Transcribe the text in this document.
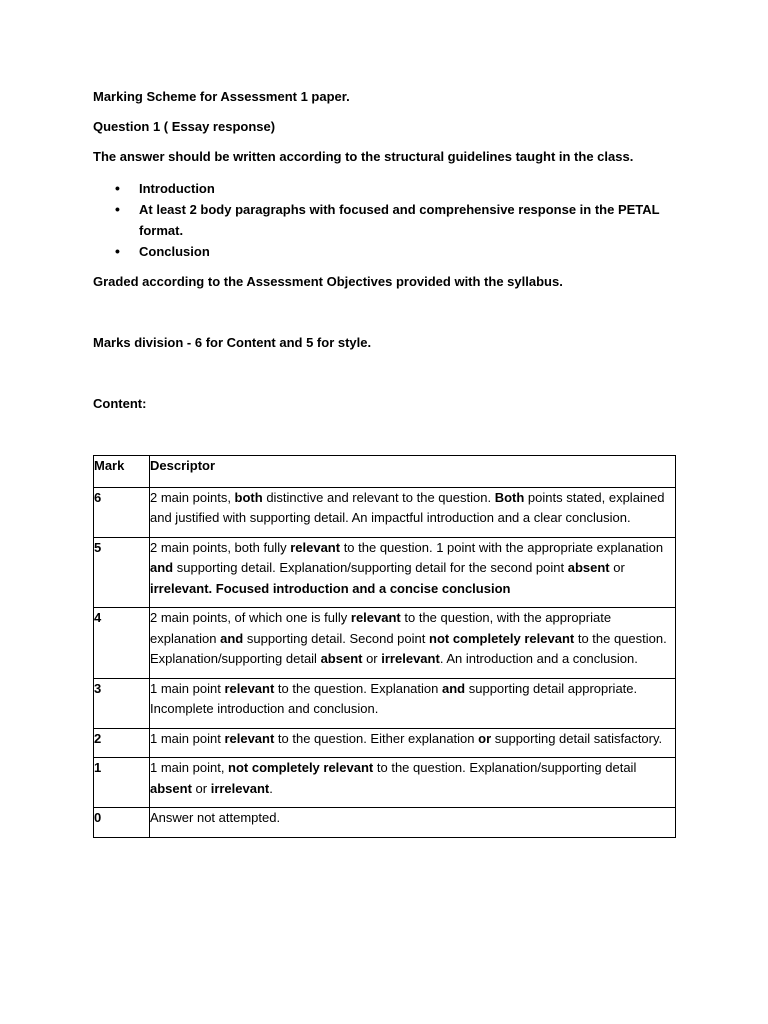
Marking Scheme for Assessment 1 paper.
Question 1 ( Essay response)
The answer should be written according to the structural guidelines taught in the class.
• Introduction
• At least 2 body paragraphs with focused and comprehensive response in the PETAL format.
• Conclusion
Graded according to the Assessment Objectives provided with the syllabus.
Marks division - 6 for Content and 5 for style.
Content:
Mark	Descriptor
6	2 main points, both distinctive and relevant to the question. Both points stated, explained and justified with supporting detail. An impactful introduction and a clear conclusion.
5	2 main points, both fully relevant to the question. 1 point with the appropriate explanation and supporting detail. Explanation/supporting detail for the second point absent or irrelevant. Focused introduction and a concise conclusion
4	2 main points, of which one is fully relevant to the question, with the appropriate explanation and supporting detail. Second point not completely relevant to the question. Explanation/supporting detail absent or irrelevant. An introduction and a conclusion.
3	1 main point relevant to the question. Explanation and supporting detail appropriate. Incomplete introduction and conclusion.
2	1 main point relevant to the question. Either explanation or supporting detail satisfactory.
1	1 main point, not completely relevant to the question. Explanation/supporting detail absent or irrelevant.
0	Answer not attempted.
